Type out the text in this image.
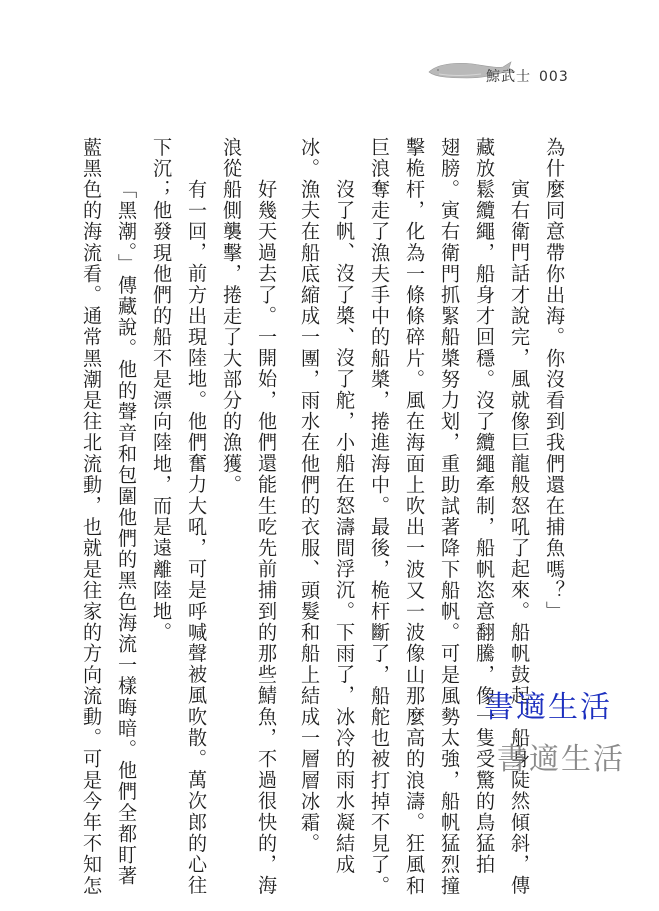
鯨武士 003
為什麼同意帶你出海。你沒看到我們還在捕魚嗎？」
寅右衛門話才說完，風就像巨龍般怒吼了起來。船帆鼓起，船身陡然傾斜，傳
藏放鬆纜繩，船身才回穩。沒了纜繩牽制，船帆恣意翻騰，像一隻受驚的鳥猛拍
翅膀。寅右衛門抓緊船槳努力划，重助試著降下船帆。可是風勢太強，船帆猛烈撞
擊桅杆，化為一條條碎片。風在海面上吹出一波又一波像山那麼高的浪濤。狂風和
巨浪奪走了漁夫手中的船槳，捲進海中。最後，桅杆斷了，船舵也被打掉不見了。
沒了帆、沒了槳、沒了舵，小船在怒濤間浮沉。下雨了，冰冷的雨水凝結成
冰。漁夫在船底縮成一團，雨水在他們的衣服、頭髮和船上結成一層層冰霜。
好幾天過去了。一開始，他們還能生吃先前捕到的那些鯖魚，不過很快的，海
浪從船側襲擊，捲走了大部分的漁獲。
有一回，前方出現陸地。他們奮力大吼，可是呼喊聲被風吹散。萬次郎的心往
下沉；他發現他們的船不是漂向陸地，而是遠離陸地。
「黑潮。」傳藏說。他的聲音和包圍他們的黑色海流一樣晦暗。他們全都盯著
藍黑色的海流看。通常黑潮是往北流動，也就是往家的方向流動。可是今年不知怎	書適生活
書適生活
